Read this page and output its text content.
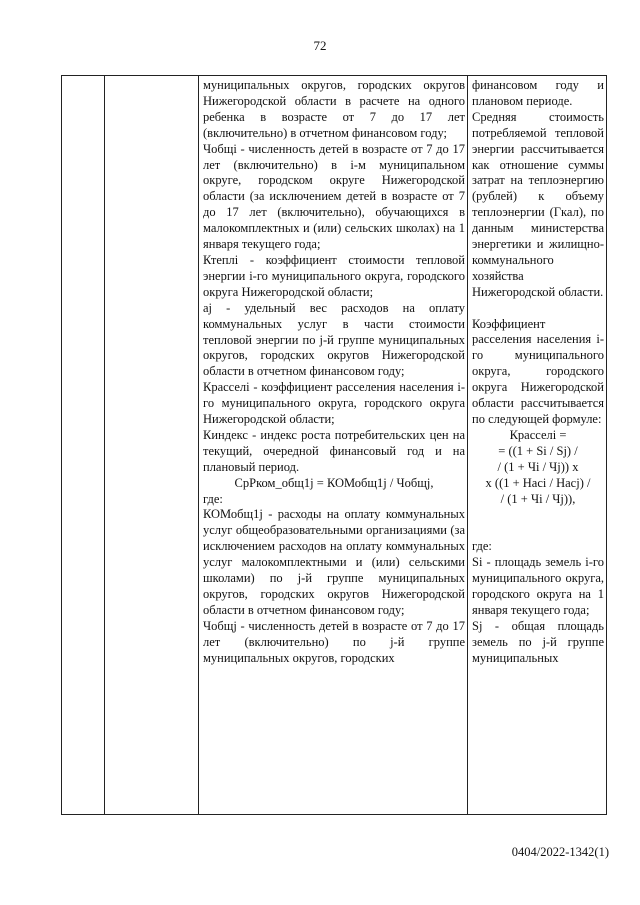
72

муниципальных округов, городских округов Нижегородской области в расчете на одного ребенка в возрасте от 7 до 17 лет (включительно) в отчетном финансовом году;

Чобщі - численность детей в возрасте от 7 до 17 лет (включительно) в i-м муниципальном округе, городском округе Нижегородской области (за исключением детей в возрасте от 7 до 17 лет (включительно), обучающихся в малокомплектных и (или) сельских школах) на 1 января текущего года;

Ктеплі - коэффициент стоимости тепловой энергии i-го муниципального округа, городского округа Нижегородской области;

aj - удельный вес расходов на оплату коммунальных услуг в части стоимости тепловой энергии по j-й группе муниципальных округов, городских округов Нижегородской области в отчетном финансовом году;

Красселі - коэффициент расселения населения i-го муниципального округа, городского округа Нижегородской области;

Киндекс - индекс роста потребительских цен на текущий, очередной финансовый год и на плановый период.

СрРком_общ1j = КОМобщ1j / Чобщj,

где:

КОМобщ1j - расходы на оплату коммунальных услуг общеобразовательными организациями (за исключением расходов на оплату коммунальных услуг малокомплектными и (или) сельскими школами) по j-й группе муниципальных округов, городских округов Нижегородской области в отчетном финансовом году;

Чобщj - численность детей в возрасте от 7 до 17 лет (включительно) по j-й группе муниципальных округов, городских

финансовом году и плановом периоде.

Средняя стоимость потребляемой тепловой энергии рассчитывается как отношение суммы затрат на теплоэнергию (рублей) к объему теплоэнергии (Гкал), по данным министерства энергетики и жилищно-коммунального хозяйства Нижегородской области.

Коэффициент расселения населения i-го муниципального округа, городского округа Нижегородской области рассчитывается по следующей формуле:

Красселі =

= ((1 + Si / Sj) /

/ (1 + Чі / Чj)) x

x ((1 + Насі / Насj) /

/ (1 + Чі / Чj)),

где:

Si - площадь земель i-го муниципального округа, городского округа на 1 января текущего года;

Sj - общая площадь земель по j-й группе муниципальных

0404/2022-1342(1)
